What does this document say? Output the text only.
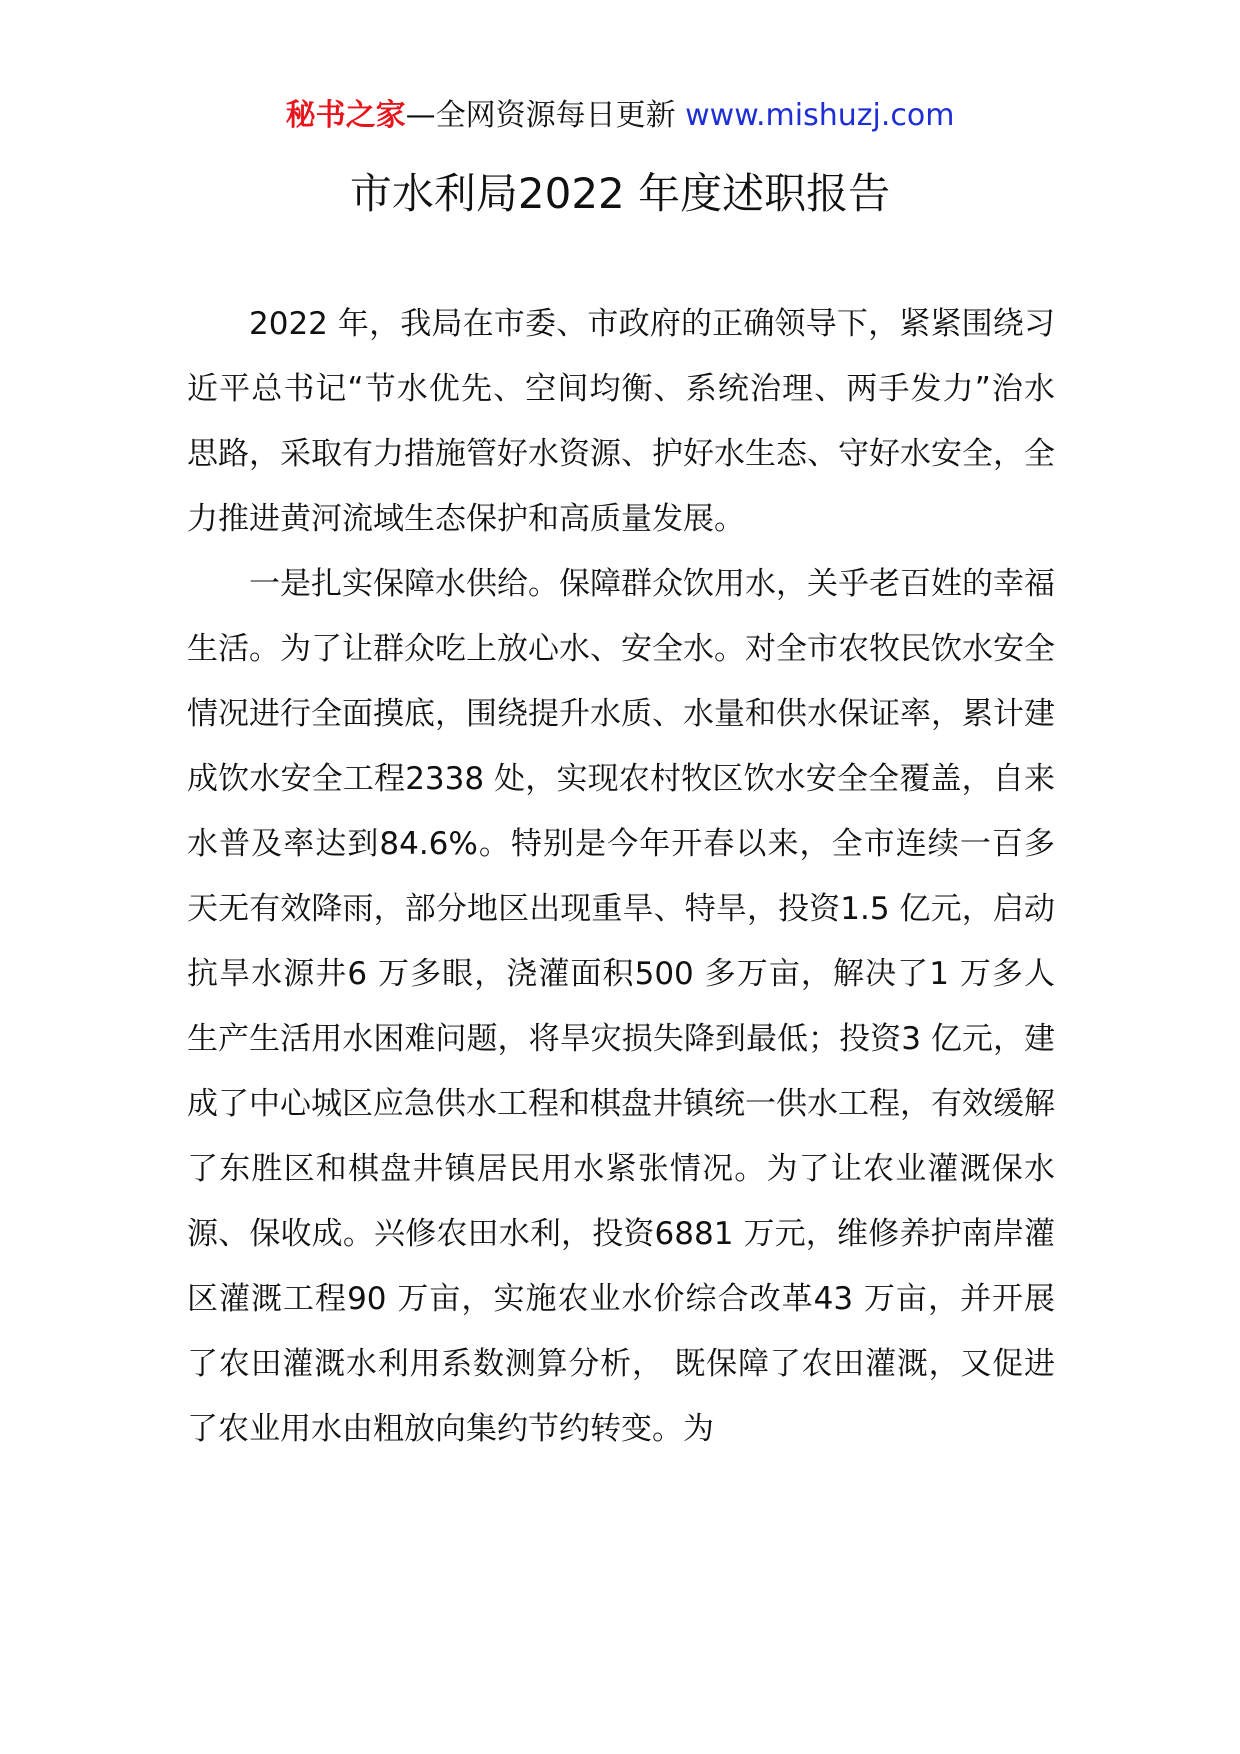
秘书之家—全网资源每日更新 www.mishuzj.com
市水利局2022 年度述职报告

2022 年，我局在市委、市政府的正确领导下，紧紧围绕习近平总书记“节水优先、空间均衡、系统治理、两手发力”治水思路，采取有力措施管好水资源、护好水生态、守好水安全，全力推进黄河流域生态保护和高质量发展。

一是扎实保障水供给。保障群众饮用水，关乎老百姓的幸福生活。为了让群众吃上放心水、安全水。对全市农牧民饮水安全情况进行全面摸底，围绕提升水质、水量和供水保证率，累计建成饮水安全工程2338 处，实现农村牧区饮水安全全覆盖，自来水普及率达到84.6%。特别是今年开春以来，全市连续一百多天无有效降雨，部分地区出现重旱、特旱，投资1.5 亿元，启动抗旱水源井6 万多眼，浇灌面积500 多万亩，解决了1 万多人生产生活用水困难问题，将旱灾损失降到最低；投资3 亿元，建成了中心城区应急供水工程和棋盘井镇统一供水工程，有效缓解了东胜区和棋盘井镇居民用水紧张情况。为了让农业灌溉保水源、保收成。兴修农田水利，投资6881 万元，维修养护南岸灌区灌溉工程90 万亩，实施农业水价综合改革43 万亩，并开展了农田灌溉水利用系数测算分析， 既保障了农田灌溉，又促进了农业用水由粗放向集约节约转变。为
